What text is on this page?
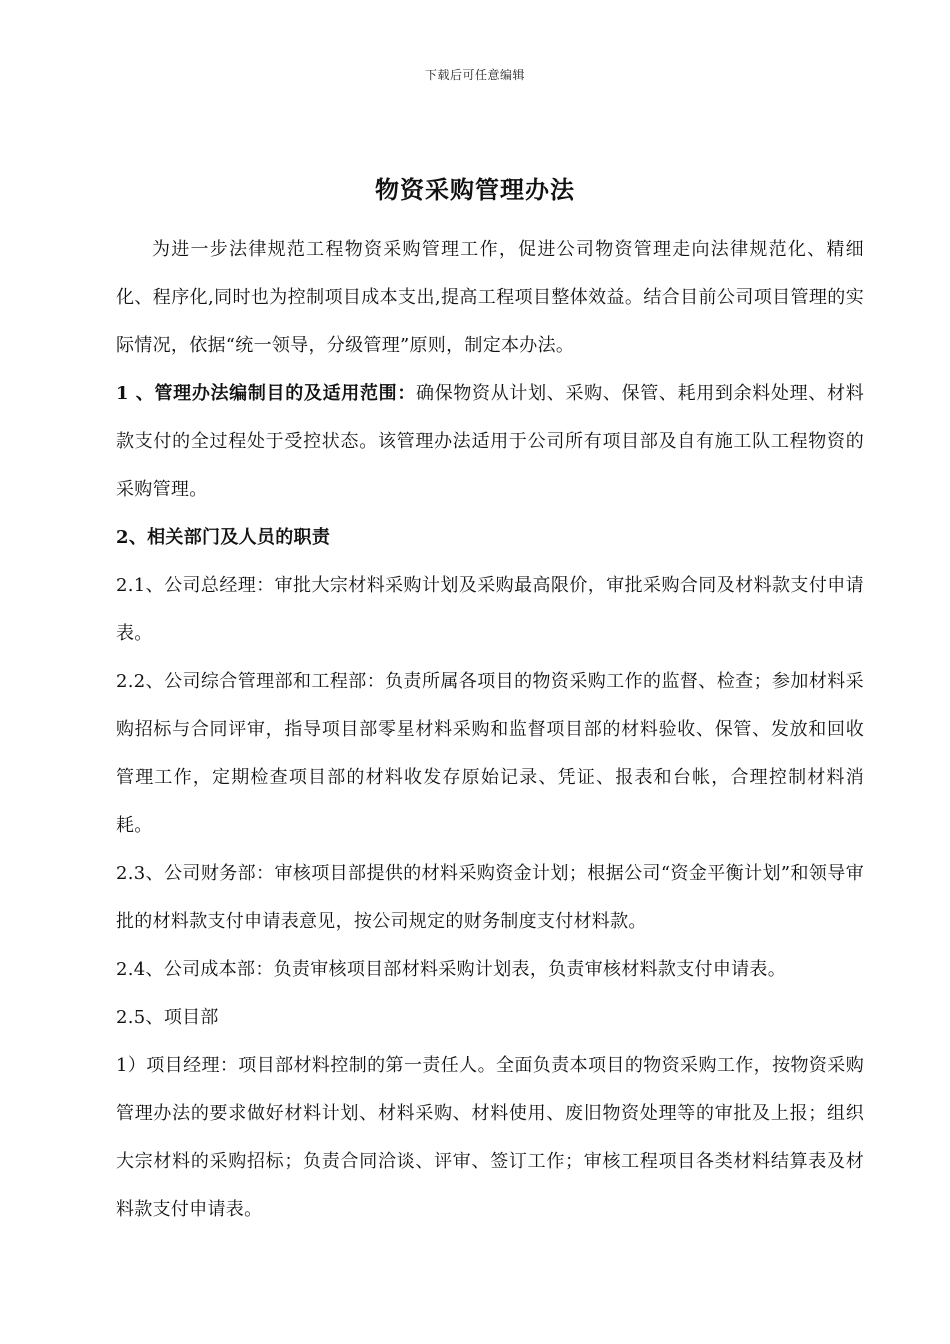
下载后可任意编辑
物资采购管理办法

为进一步法律规范工程物资采购管理工作，促进公司物资管理走向法律规范化、精细化、程序化,同时也为控制项目成本支出,提高工程项目整体效益。结合目前公司项目管理的实际情况，依据“统一领导，分级管理”原则，制定本办法。

1 、管理办法编制目的及适用范围：确保物资从计划、采购、保管、耗用到余料处理、材料款支付的全过程处于受控状态。该管理办法适用于公司所有项目部及自有施工队工程物资的采购管理。

2、相关部门及人员的职责

2.1、公司总经理：审批大宗材料采购计划及采购最高限价，审批采购合同及材料款支付申请表。

2.2、公司综合管理部和工程部：负责所属各项目的物资采购工作的监督、检查；参加材料采购招标与合同评审，指导项目部零星材料采购和监督项目部的材料验收、保管、发放和回收管理工作，定期检查项目部的材料收发存原始记录、凭证、报表和台帐，合理控制材料消耗。

2.3、公司财务部：审核项目部提供的材料采购资金计划；根据公司“资金平衡计划”和领导审批的材料款支付申请表意见，按公司规定的财务制度支付材料款。

2.4、公司成本部：负责审核项目部材料采购计划表，负责审核材料款支付申请表。

2.5、项目部

1）项目经理：项目部材料控制的第一责任人。全面负责本项目的物资采购工作，按物资采购管理办法的要求做好材料计划、材料采购、材料使用、废旧物资处理等的审批及上报；组织大宗材料的采购招标；负责合同洽谈、评审、签订工作；审核工程项目各类材料结算表及材料款支付申请表。
